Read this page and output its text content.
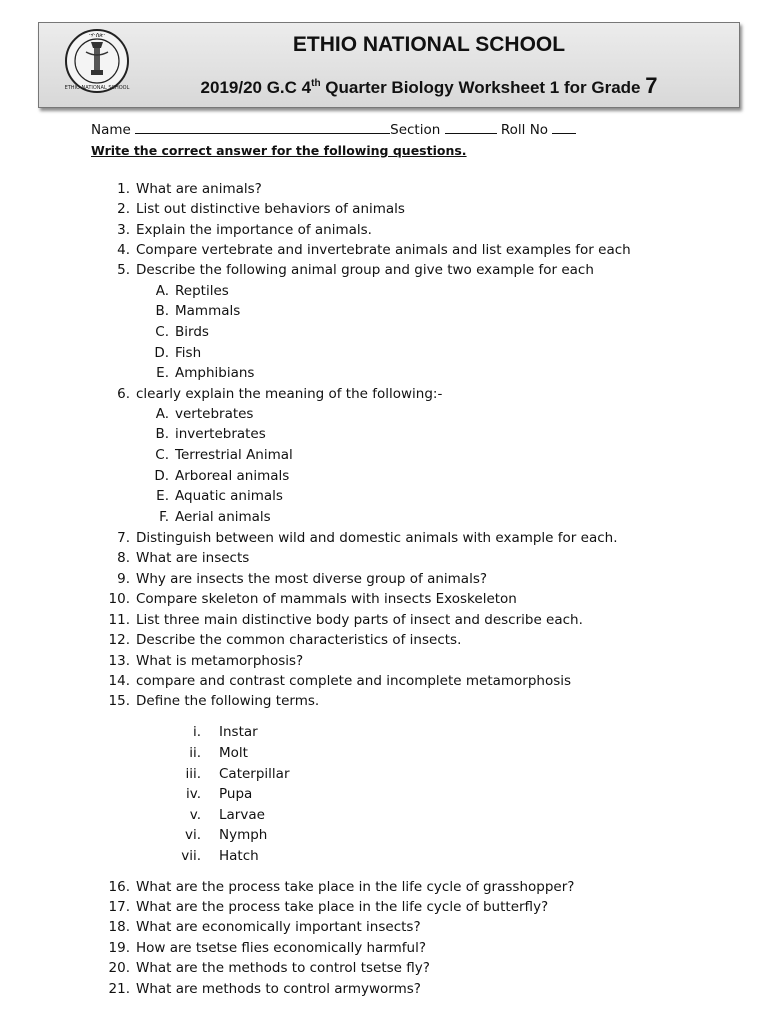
·ሃ·ሰጵ·
ETHIO NATIONAL SCHOOL
ETHIO NATIONAL SCHOOL
2019/20 G.C 4th Quarter Biology Worksheet 1 for Grade 7
Name	Section	Roll No
Write the correct answer for the following questions.
1. What are animals?
2. List out distinctive behaviors of animals
3. Explain the importance of animals.
4. Compare vertebrate and invertebrate animals and list examples for each
5. Describe the following animal group and give two example for each
A. Reptiles
B. Mammals
C. Birds
D. Fish
E. Amphibians
6. clearly explain the meaning of the following:-
A. vertebrates
B. invertebrates
C. Terrestrial Animal
D. Arboreal animals
E. Aquatic animals
F. Aerial animals
7. Distinguish between wild and domestic animals with example for each.
8. What are insects
9. Why are insects the most diverse group of animals?
10. Compare skeleton of mammals with insects Exoskeleton
11. List three main distinctive body parts of insect and describe each.
12. Describe the common characteristics of insects.
13. What is metamorphosis?
14. compare and contrast complete and incomplete metamorphosis
15. Define the following terms.
i. Instar
ii. Molt
iii. Caterpillar
iv. Pupa
v. Larvae
vi. Nymph
vii. Hatch
16. What are the process take place in the life cycle of grasshopper?
17. What are the process take place in the life cycle of butterfly?
18. What are economically important insects?
19. How are tsetse flies economically harmful?
20. What are the methods to control tsetse fly?
21. What are methods to control armyworms?
